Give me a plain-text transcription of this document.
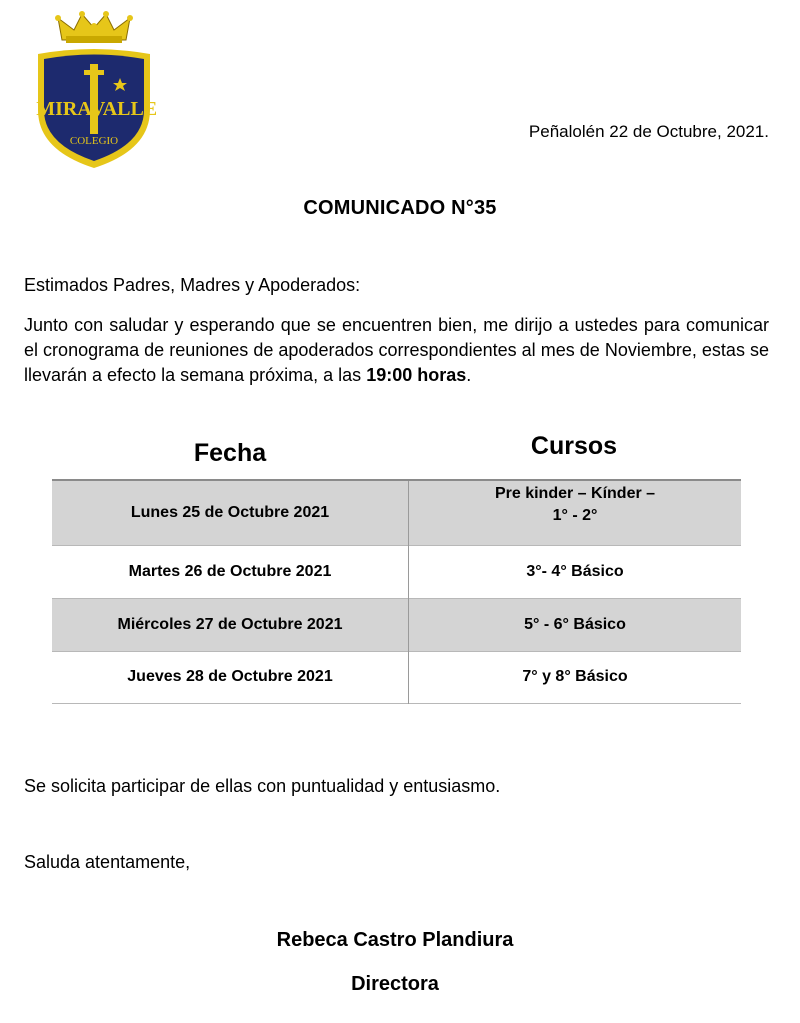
MIRA VALLE
COLEGIO	Peñalolén 22 de Octubre, 2021.
COMUNICADO N°35
Estimados Padres, Madres y Apoderados:
Junto con saludar y esperando que se encuentren bien, me dirijo a ustedes para comunicar el cronograma de reuniones de apoderados correspondientes al mes de Noviembre, estas se llevarán a efecto la semana próxima, a las 19:00 horas.
Fecha	Cursos
Lunes 25 de Octubre 2021	Pre kinder – Kínder –
1° - 2°

Martes 26 de Octubre 2021	3°- 4° Básico
Miércoles 27 de Octubre 2021	5° - 6° Básico
Jueves 28 de Octubre 2021	7° y 8° Básico
Se solicita participar de ellas con puntualidad y entusiasmo.
Saluda atentamente,
Rebeca Castro Plandiura
Directora
